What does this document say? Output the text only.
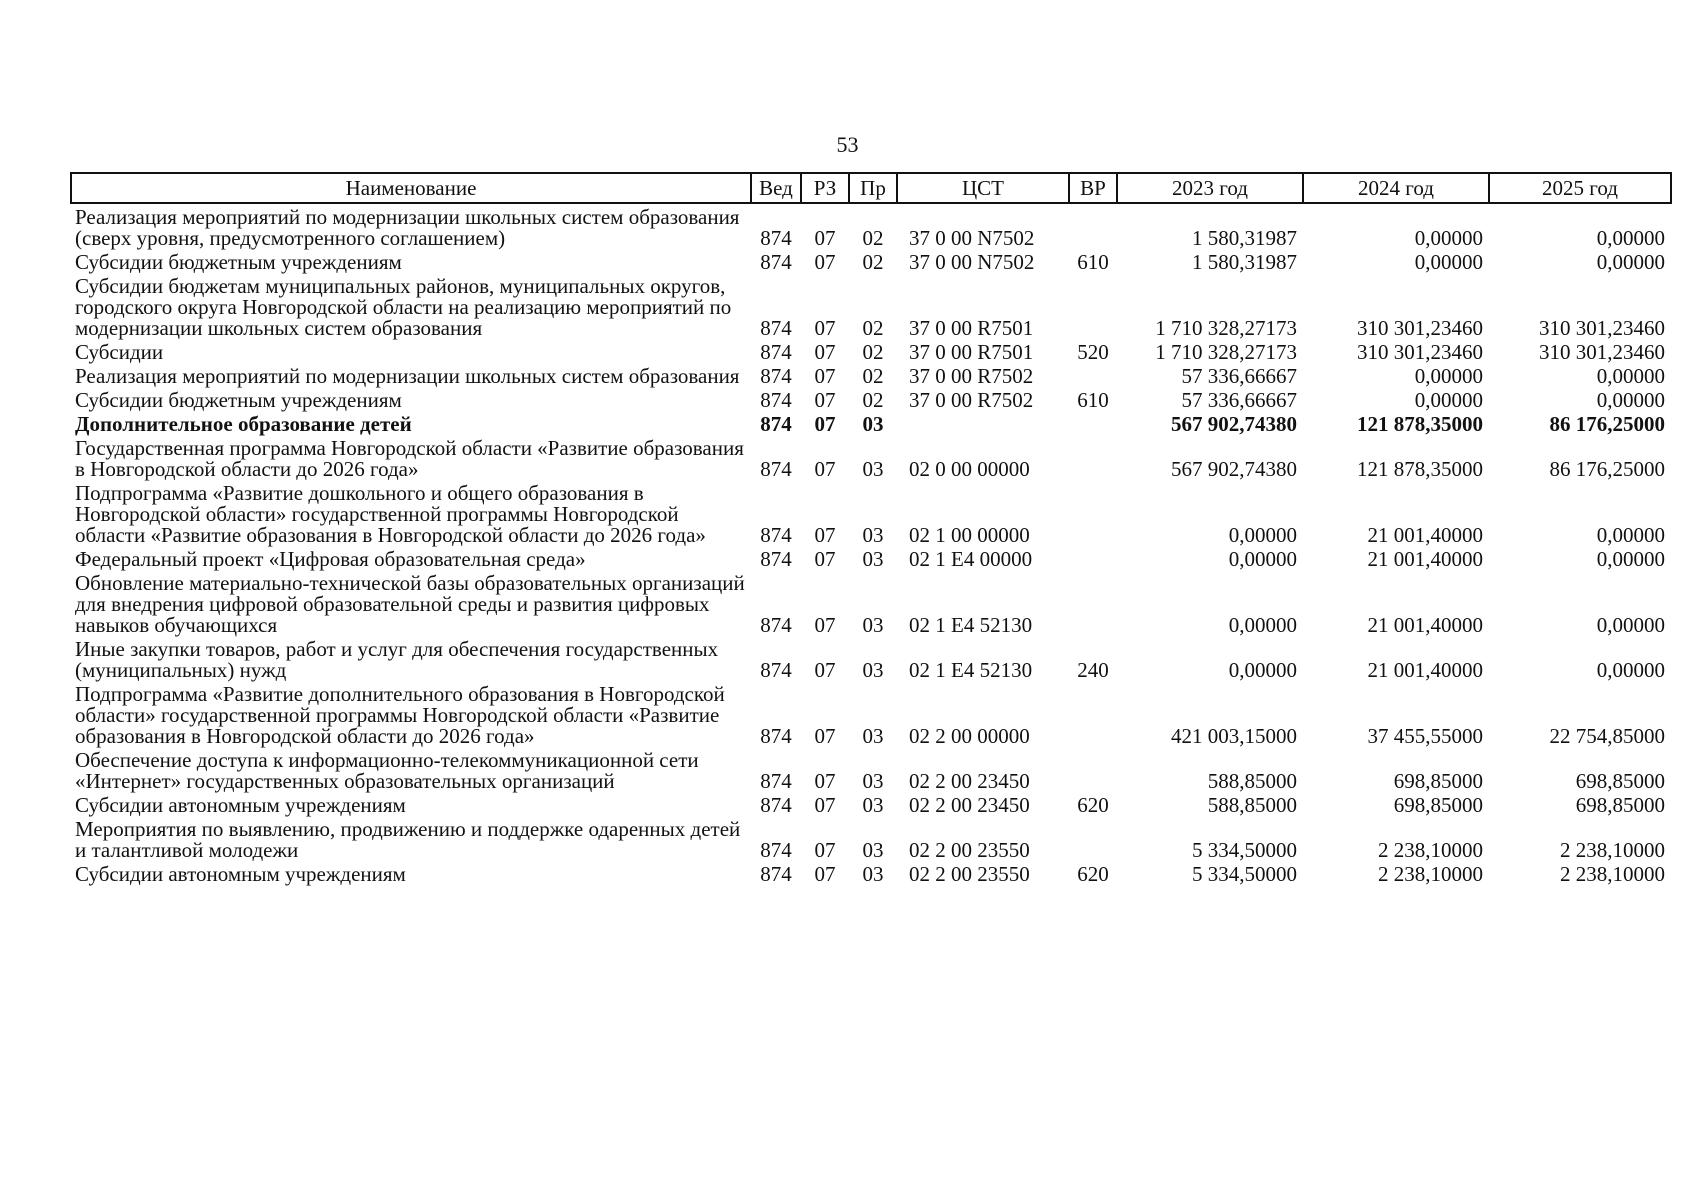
53
Наименование	Вед	РЗ	Пр	ЦСТ	ВР	2023 год	2024 год	2025 год
Реализация мероприятий по модернизации школьных систем образования (сверх уровня, предусмотренного соглашением)	874	07	02	37 0 00 N7502		1 580,31987	0,00000	0,00000
Субсидии бюджетным учреждениям	874	07	02	37 0 00 N7502	610	1 580,31987	0,00000	0,00000
Субсидии бюджетам муниципальных районов, муниципальных округов, городского округа Новгородской области на реализацию мероприятий по модернизации школьных систем образования	874	07	02	37 0 00 R7501		1 710 328,27173	310 301,23460	310 301,23460
Субсидии	874	07	02	37 0 00 R7501	520	1 710 328,27173	310 301,23460	310 301,23460
Реализация мероприятий по модернизации школьных систем образования	874	07	02	37 0 00 R7502		57 336,66667	0,00000	0,00000
Субсидии бюджетным учреждениям	874	07	02	37 0 00 R7502	610	57 336,66667	0,00000	0,00000
Дополнительное образование детей	874	07	03			567 902,74380	121 878,35000	86 176,25000
Государственная программа Новгородской области «Развитие образования в Новгородской области до 2026 года»	874	07	03	02 0 00 00000		567 902,74380	121 878,35000	86 176,25000
Подпрограмма «Развитие дошкольного и общего образования в Новгородской области» государственной программы Новгородской области «Развитие образования в Новгородской области до 2026 года»	874	07	03	02 1 00 00000		0,00000	21 001,40000	0,00000
Федеральный проект «Цифровая образовательная среда»	874	07	03	02 1 E4 00000		0,00000	21 001,40000	0,00000
Обновление материально-технической базы образовательных организаций для внедрения цифровой образовательной среды и развития цифровых навыков обучающихся	874	07	03	02 1 E4 52130		0,00000	21 001,40000	0,00000
Иные закупки товаров, работ и услуг для обеспечения государственных (муниципальных) нужд	874	07	03	02 1 E4 52130	240	0,00000	21 001,40000	0,00000
Подпрограмма «Развитие дополнительного образования в Новгородской области» государственной программы Новгородской области «Развитие образования в Новгородской области до 2026 года»	874	07	03	02 2 00 00000		421 003,15000	37 455,55000	22 754,85000
Обеспечение доступа к информационно-телекоммуникационной сети «Интернет» государственных образовательных организаций	874	07	03	02 2 00 23450		588,85000	698,85000	698,85000
Субсидии автономным учреждениям	874	07	03	02 2 00 23450	620	588,85000	698,85000	698,85000
Мероприятия по выявлению, продвижению и поддержке одаренных детей и талантливой молодежи	874	07	03	02 2 00 23550		5 334,50000	2 238,10000	2 238,10000
Субсидии автономным учреждениям	874	07	03	02 2 00 23550	620	5 334,50000	2 238,10000	2 238,10000
